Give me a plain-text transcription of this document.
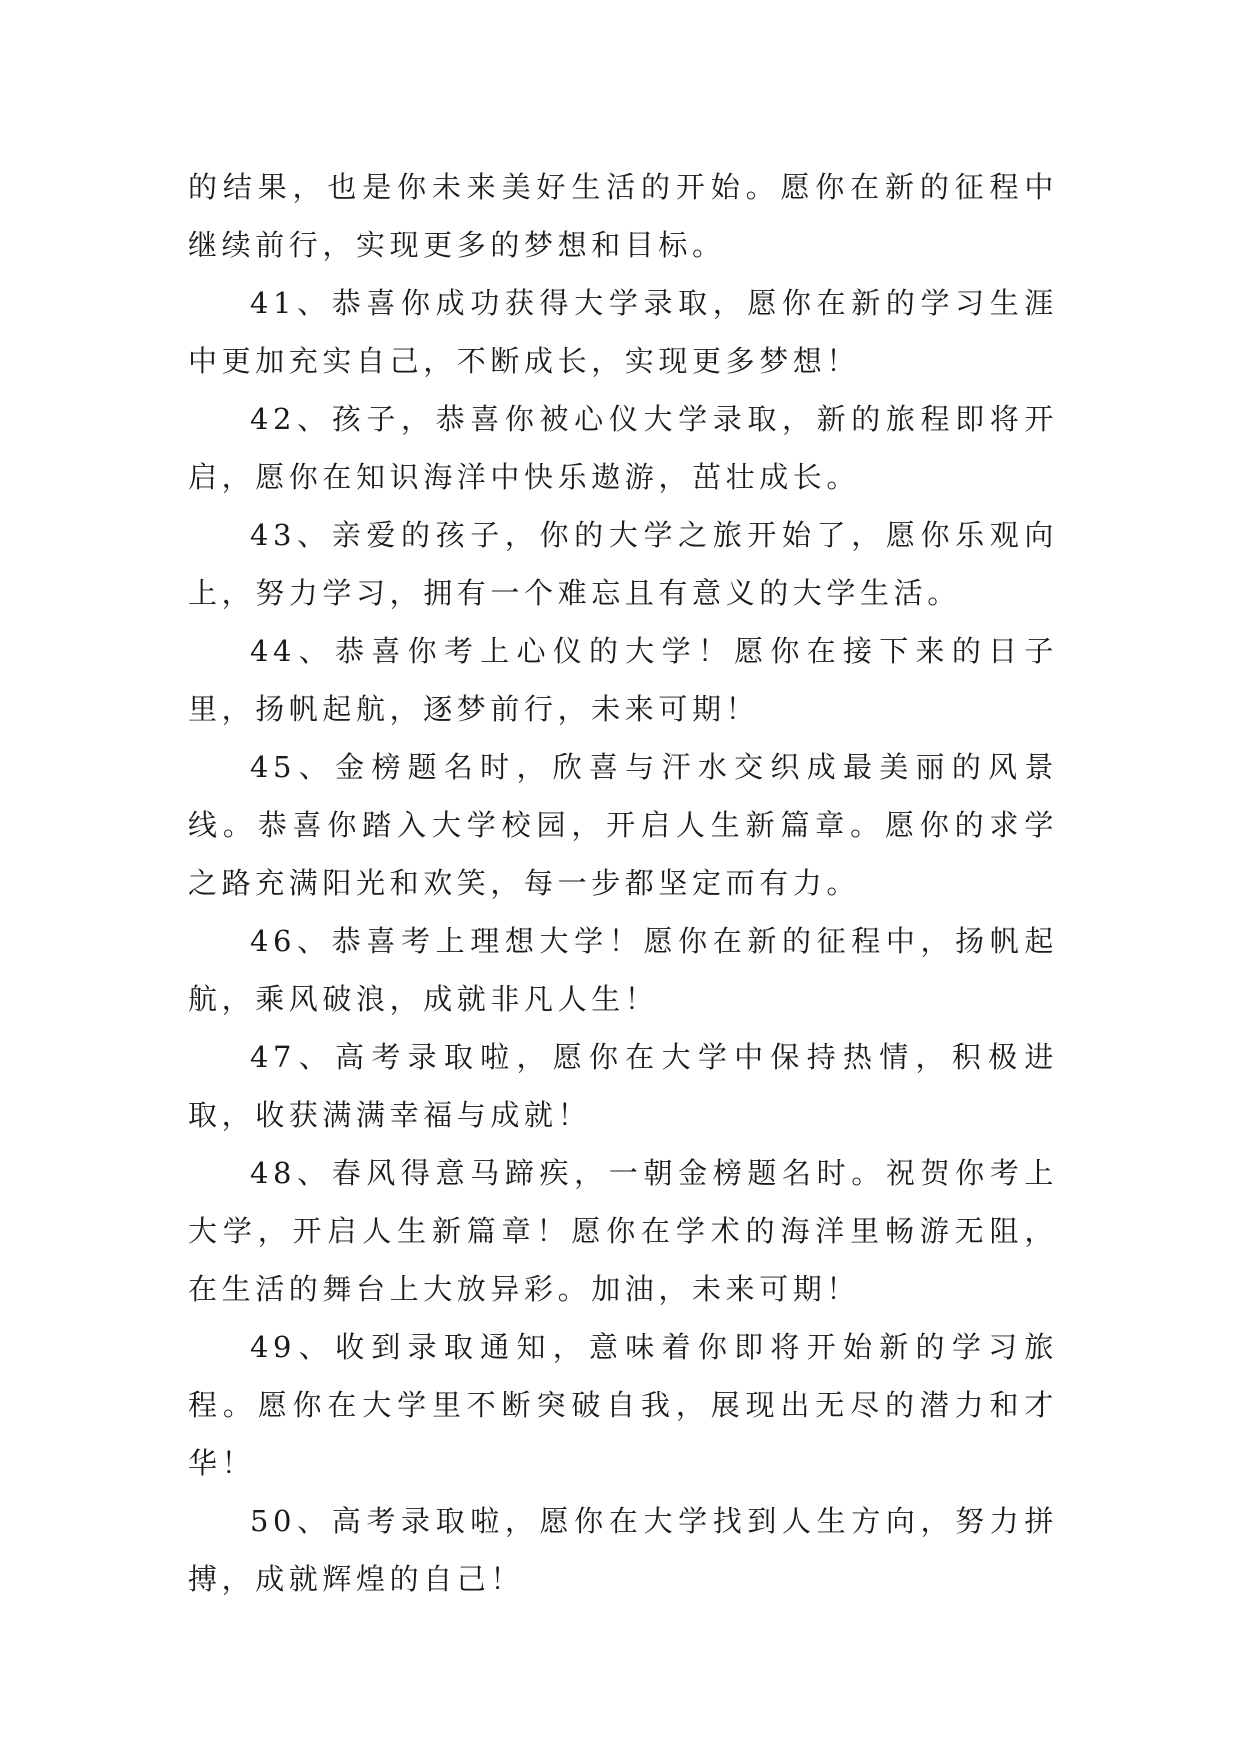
的结果，也是你未来美好生活的开始。愿你在新的征程中继续前行，实现更多的梦想和目标。

41、恭喜你成功获得大学录取，愿你在新的学习生涯中更加充实自己，不断成长，实现更多梦想！

42、孩子，恭喜你被心仪大学录取，新的旅程即将开启，愿你在知识海洋中快乐遨游，茁壮成长。

43、亲爱的孩子，你的大学之旅开始了，愿你乐观向上，努力学习，拥有一个难忘且有意义的大学生活。

44、恭喜你考上心仪的大学！愿你在接下来的日子里，扬帆起航，逐梦前行，未来可期！

45、金榜题名时，欣喜与汗水交织成最美丽的风景线。恭喜你踏入大学校园，开启人生新篇章。愿你的求学之路充满阳光和欢笑，每一步都坚定而有力。

46、恭喜考上理想大学！愿你在新的征程中，扬帆起航，乘风破浪，成就非凡人生！

47、高考录取啦，愿你在大学中保持热情，积极进取，收获满满幸福与成就！

48、春风得意马蹄疾，一朝金榜题名时。祝贺你考上大学，开启人生新篇章！愿你在学术的海洋里畅游无阻，在生活的舞台上大放异彩。加油，未来可期！

49、收到录取通知，意味着你即将开始新的学习旅程。愿你在大学里不断突破自我，展现出无尽的潜力和才华！

50、高考录取啦，愿你在大学找到人生方向，努力拼搏，成就辉煌的自己！
